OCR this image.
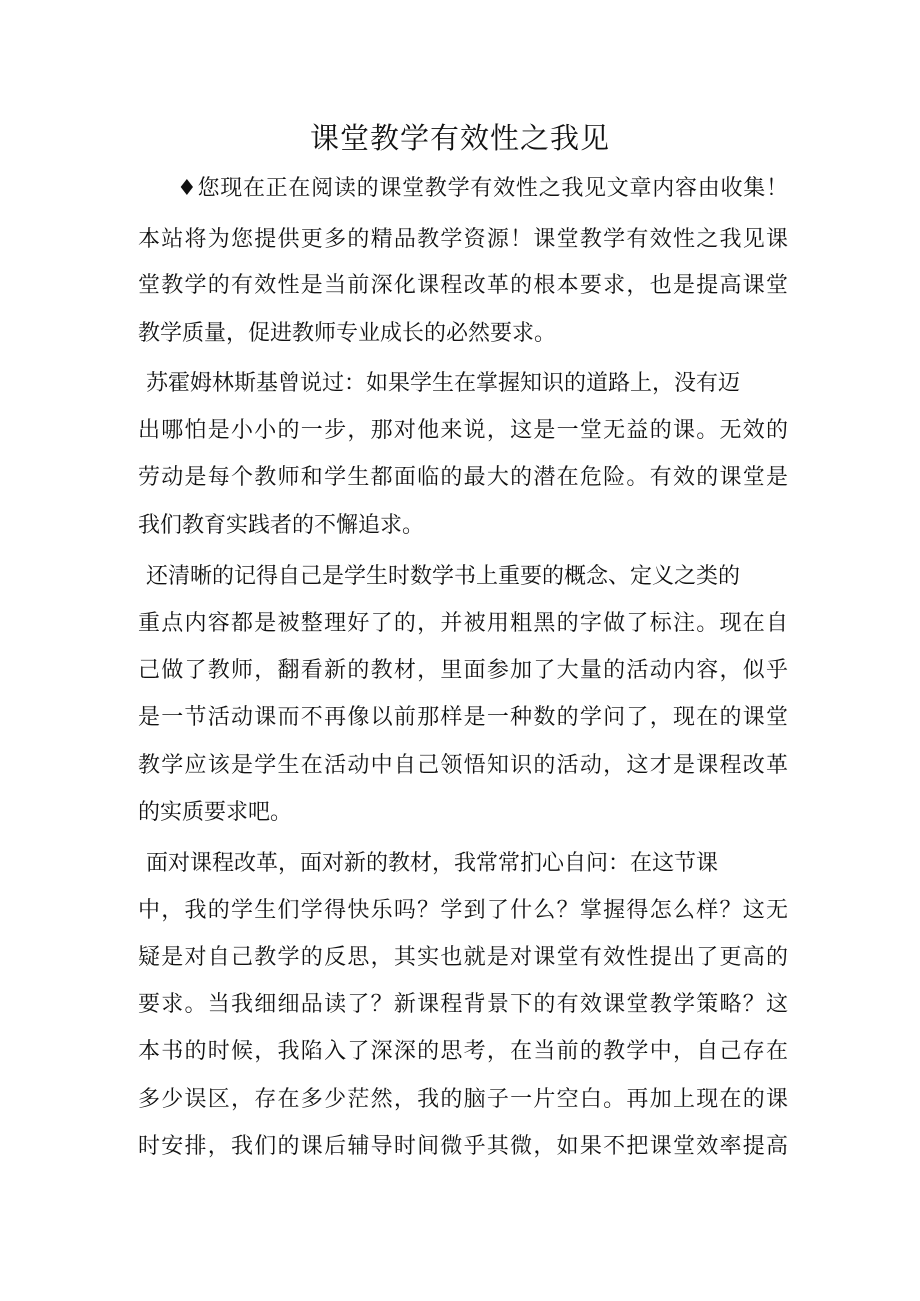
课堂教学有效性之我见

♦您现在正在阅读的课堂教学有效性之我见文章内容由收集！

本站将为您提供更多的精品教学资源！课堂教学有效性之我见课

堂教学的有效性是当前深化课程改革的根本要求，也是提高课堂

教学质量，促进教师专业成长的必然要求。

苏霍姆林斯基曾说过：如果学生在掌握知识的道路上，没有迈

出哪怕是小小的一步，那对他来说，这是一堂无益的课。无效的

劳动是每个教师和学生都面临的最大的潜在危险。有效的课堂是

我们教育实践者的不懈追求。

还清晰的记得自己是学生时数学书上重要的概念、定义之类的

重点内容都是被整理好了的，并被用粗黑的字做了标注。现在自

己做了教师，翻看新的教材，里面参加了大量的活动内容，似乎

是一节活动课而不再像以前那样是一种数的学问了，现在的课堂

教学应该是学生在活动中自己领悟知识的活动，这才是课程改革

的实质要求吧。

面对课程改革，面对新的教材，我常常扪心自问：在这节课

中，我的学生们学得快乐吗？学到了什么？掌握得怎么样？这无

疑是对自己教学的反思，其实也就是对课堂有效性提出了更高的

要求。当我细细品读了？新课程背景下的有效课堂教学策略？这

本书的时候，我陷入了深深的思考，在当前的教学中，自己存在

多少误区，存在多少茫然，我的脑子一片空白。再加上现在的课

时安排，我们的课后辅导时间微乎其微，如果不把课堂效率提高
